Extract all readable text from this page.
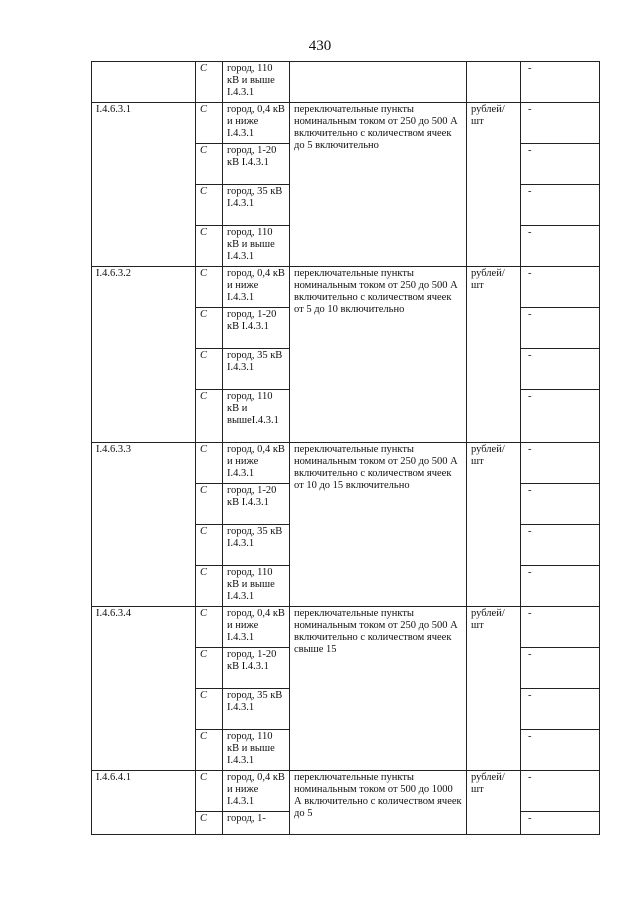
430
	С	город, 110 кВ и выше I.4.3.1			-
I.4.6.3.1	С	город, 0,4 кВ и ниже I.4.3.1	переключательные пункты номинальным током от 250 до 500 А включительно с количеством ячеек до 5 включительно	рублей/шт	-
	С	город, 1-20 кВ I.4.3.1			-
	С	город, 35 кВ I.4.3.1			-
	С	город, 110 кВ и выше I.4.3.1			-
I.4.6.3.2	С	город, 0,4 кВ и ниже I.4.3.1	переключательные пункты номинальным током от 250 до 500 А включительно с количеством ячеек от 5 до 10 включительно	рублей/шт	-
	С	город, 1-20 кВ I.4.3.1			-
	С	город, 35 кВ I.4.3.1			-
	С	город, 110 кВ и вышеI.4.3.1			-
I.4.6.3.3	С	город, 0,4 кВ и ниже I.4.3.1	переключательные пункты номинальным током от 250 до 500 А включительно с количеством ячеек от 10 до 15 включительно	рублей/шт	-
	С	город, 1-20 кВ I.4.3.1			-
	С	город, 35 кВ I.4.3.1			-
	С	город, 110 кВ и выше I.4.3.1			-
I.4.6.3.4	С	город, 0,4 кВ и ниже I.4.3.1	переключательные пункты номинальным током от 250 до 500 А включительно с количеством ячеек свыше 15	рублей/шт	-
	С	город, 1-20 кВ I.4.3.1			-
	С	город, 35 кВ I.4.3.1			-
	С	город, 110 кВ и выше I.4.3.1			-
I.4.6.4.1	С	город, 0,4 кВ и ниже I.4.3.1	переключательные пункты номинальным током от 500 до 1000 А включительно с количеством ячеек до 5	рублей/шт	-
	С	город, 1-			-
